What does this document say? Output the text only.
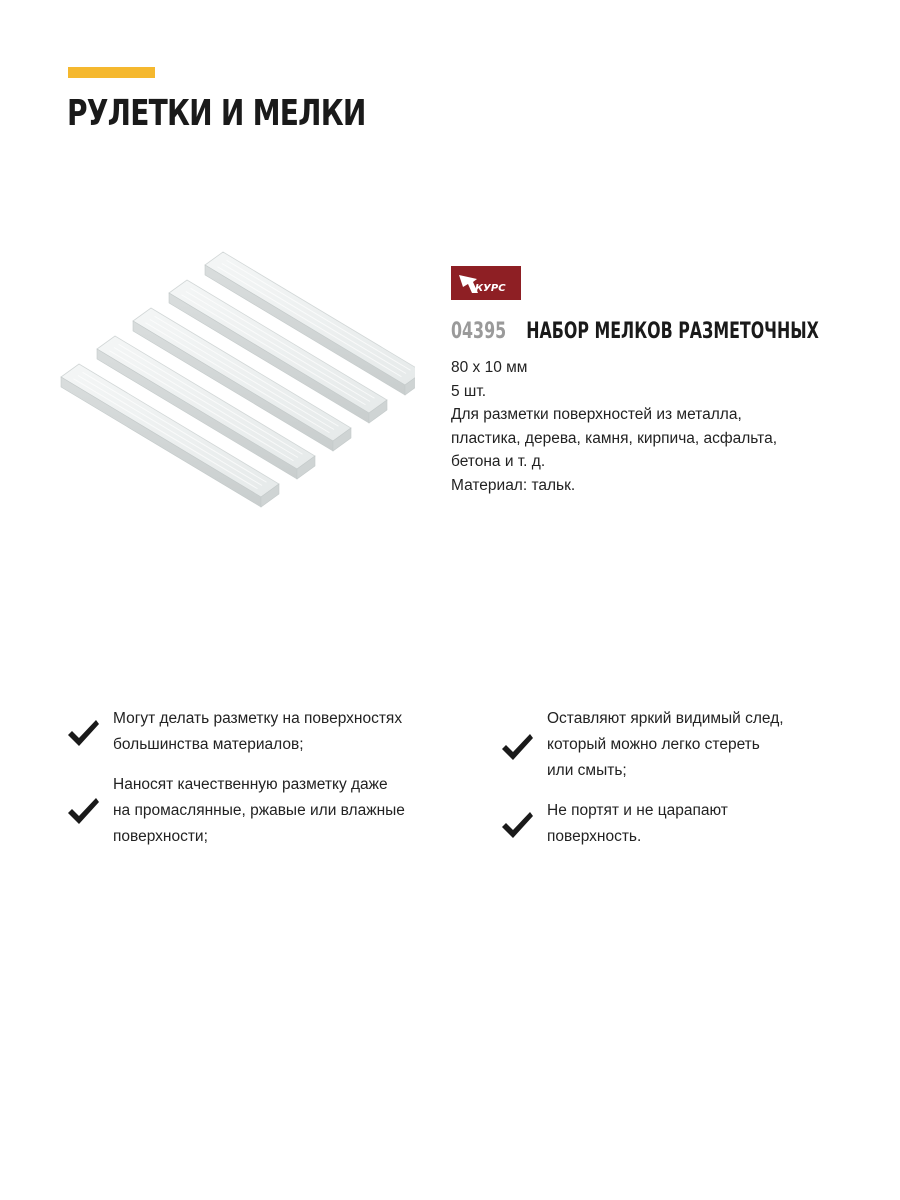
РУЛЕТКИ И МЕЛКИ
КУРС
04395 НАБОР МЕЛКОВ РАЗМЕТОЧНЫХ
80 х 10 мм
5 шт.
Для разметки поверхностей из металла,
пластика, дерева, камня, кирпича, асфальта,
бетона и т. д.
Материал: тальк.
Могут делать разметку на поверхностях
большинства материалов;
Наносят качественную разметку даже
на промаслянные, ржавые или влажные
поверхности;
Оставляют яркий видимый след,
который можно легко стереть
или смыть;
Не портят и не царапают
поверхность.
